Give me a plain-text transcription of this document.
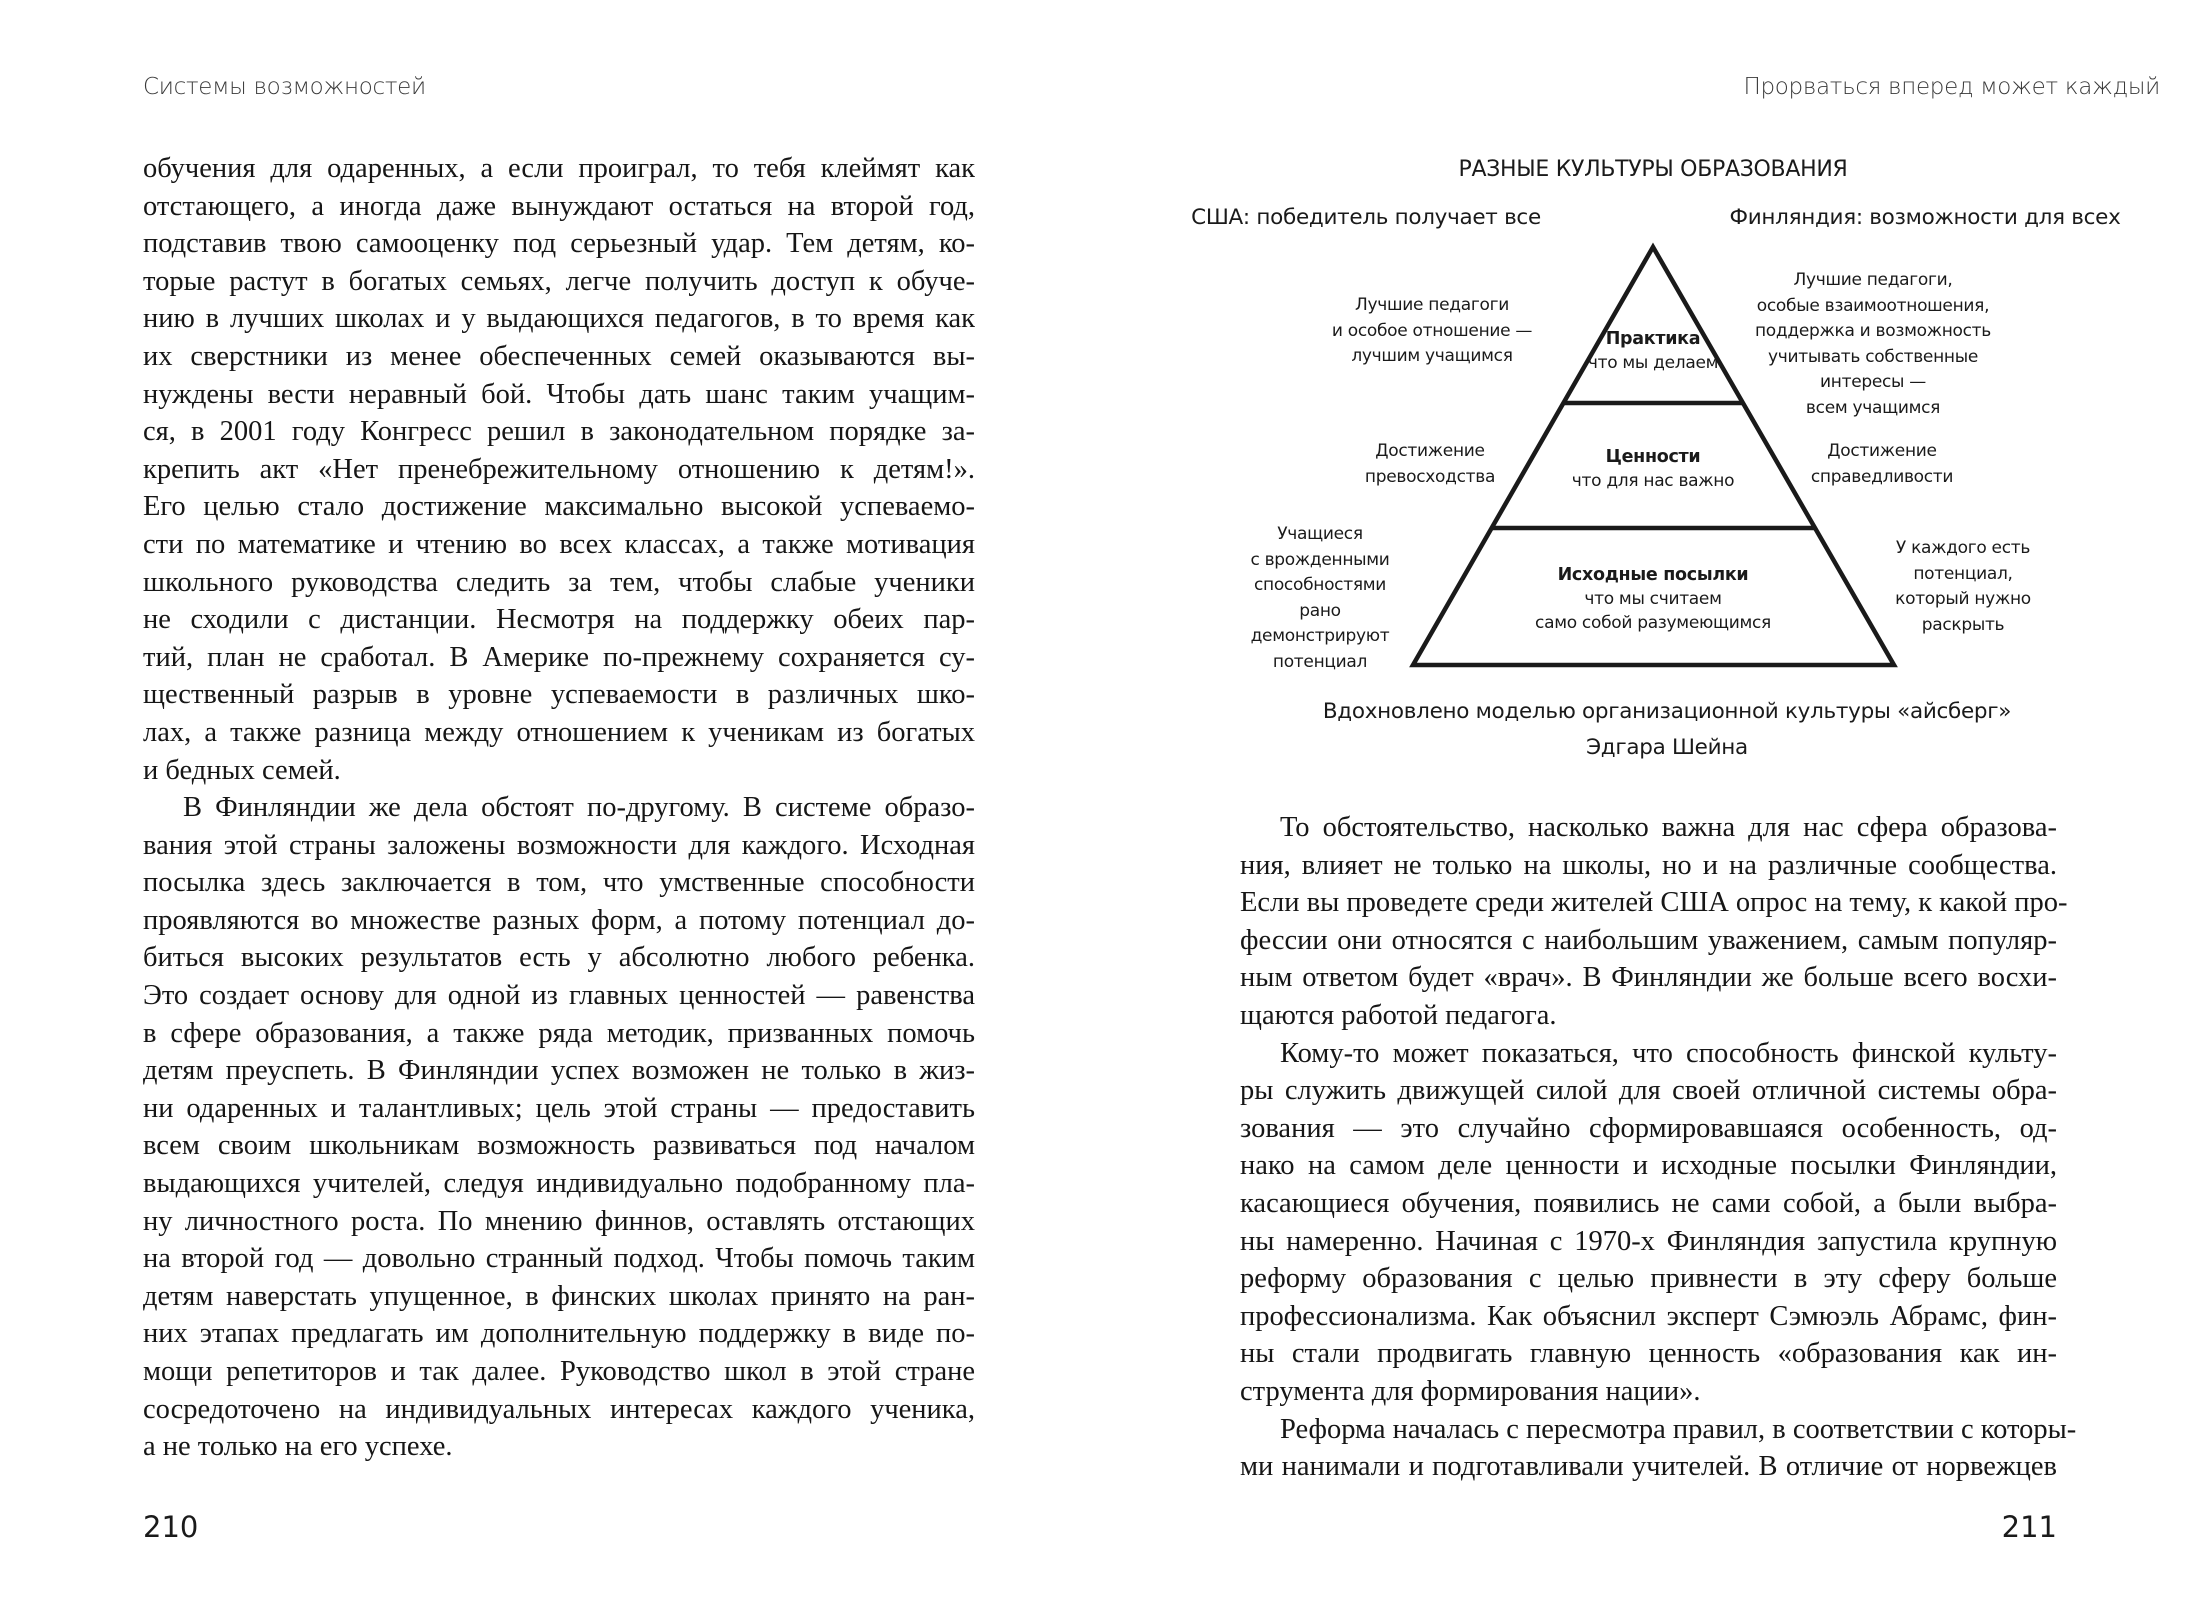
Системы возможностей
обучения для одаренных, а если проиграл, то тебя клеймят как
отстающего, а иногда даже вынуждают остаться на второй год,
подставив твою самооценку под серьезный удар. Тем детям, ко-
торые растут в богатых семьях, легче получить доступ к обуче-
нию в лучших школах и у выдающихся педагогов, в то время как
их сверстники из менее обеспеченных семей оказываются вы-
нуждены вести неравный бой. Чтобы дать шанс таким учащим-
ся, в 2001 году Конгресс решил в законодательном порядке за-
крепить акт «Нет пренебрежительному отношению к детям!».
Его целью стало достижение максимально высокой успеваемо-
сти по математике и чтению во всех классах, а также мотивация
школьного руководства следить за тем, чтобы слабые ученики
не сходили с дистанции. Несмотря на поддержку обеих пар-
тий, план не сработал. В Америке по-прежнему сохраняется су-
щественный разрыв в уровне успеваемости в различных шко-
лах, а также разница между отношением к ученикам из богатых
и бедных семей.
В Финляндии же дела обстоят по-другому. В системе образо-
вания этой страны заложены возможности для каждого. Исходная
посылка здесь заключается в том, что умственные способности
проявляются во множестве разных форм, а потому потенциал до-
биться высоких результатов есть у абсолютно любого ребенка.
Это создает основу для одной из главных ценностей — равенства
в сфере образования, а также ряда методик, призванных помочь
детям преуспеть. В Финляндии успех возможен не только в жиз-
ни одаренных и талантливых; цель этой страны — предоставить
всем своим школьникам возможность развиваться под началом
выдающихся учителей, следуя индивидуально подобранному пла-
ну личностного роста. По мнению финнов, оставлять отстающих
на второй год — довольно странный подход. Чтобы помочь таким
детям наверстать упущенное, в финских школах принято на ран-
них этапах предлагать им дополнительную поддержку в виде по-
мощи репетиторов и так далее. Руководство школ в этой стране
сосредоточено на индивидуальных интересах каждого ученика,
а не только на его успехе.
210
Прорваться вперед может каждый
РАЗНЫЕ КУЛЬТУРЫ ОБРАЗОВАНИЯ
США: победитель получает все	Финляндия: возможности для всех
Практика
что мы делаем
Ценности
что для нас важно
Исходные посылки
что мы считаем
само собой разумеющимся
Лучшие педагоги
и особое отношение —
лучшим учащимся
Достижение
превосходства
Учащиеся
с врожденными
способностями
рано
демонстрируют
потенциал
Лучшие педагоги,
особые взаимоотношения,
поддержка и возможность
учитывать собственные
интересы —
всем учащимся
Достижение
справедливости
У каждого есть
потенциал,
который нужно
раскрыть
Вдохновлено моделью организационной культуры «айсберг»
Эдгара Шейна
То обстоятельство, насколько важна для нас сфера образова-
ния, влияет не только на школы, но и на различные сообщества.
Если вы проведете среди жителей США опрос на тему, к какой про-
фессии они относятся с наибольшим уважением, самым популяр-
ным ответом будет «врач». В Финляндии же больше всего восхи-
щаются работой педагога.
Кому-то может показаться, что способность финской культу-
ры служить движущей силой для своей отличной системы обра-
зования — это случайно сформировавшаяся особенность, од-
нако на самом деле ценности и исходные посылки Финляндии,
касающиеся обучения, появились не сами собой, а были выбра-
ны намеренно. Начиная с 1970-х Финляндия запустила крупную
реформу образования с целью привнести в эту сферу больше
профессионализма. Как объяснил эксперт Сэмюэль Абрамс, фин-
ны стали продвигать главную ценность «образования как ин-
струмента для формирования нации».
Реформа началась с пересмотра правил, в соответствии с которы-
ми нанимали и подготавливали учителей. В отличие от норвежцев
211
